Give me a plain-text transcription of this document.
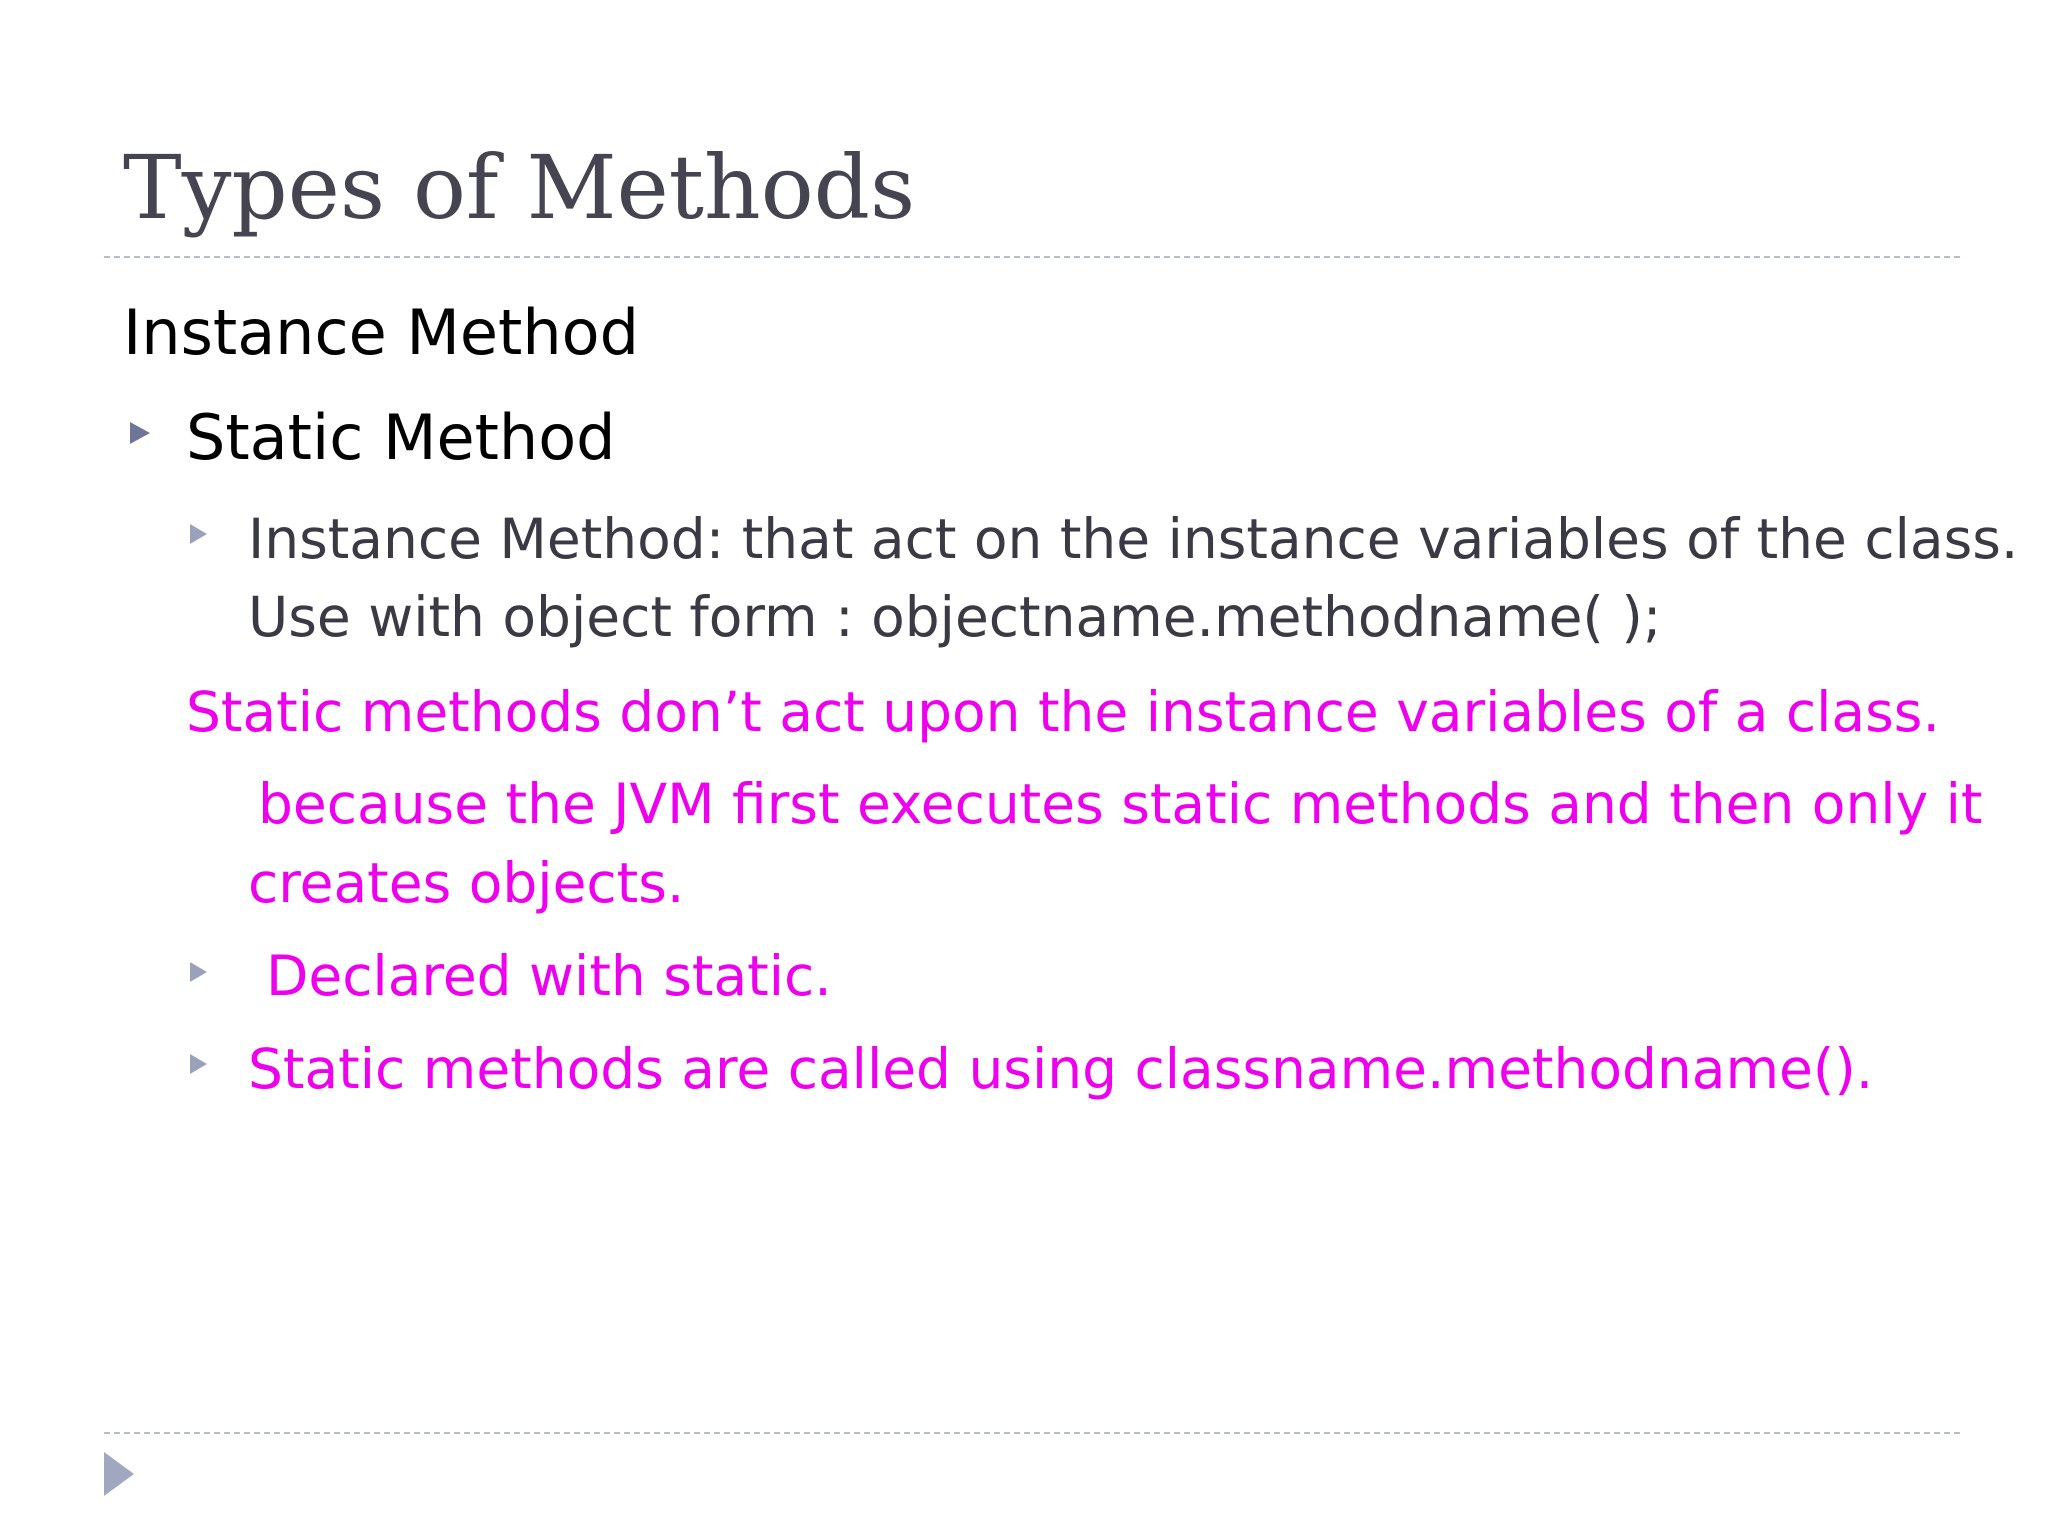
Types of Methods
Instance Method
Static Method
Instance Method: that act on the instance variables of the class.
Use with object form : objectname.methodname( );
Static methods don’t act upon the instance variables of a class.
because the JVM first executes static methods and then only it
creates objects.
Declared with static.
Static methods are called using classname.methodname().
